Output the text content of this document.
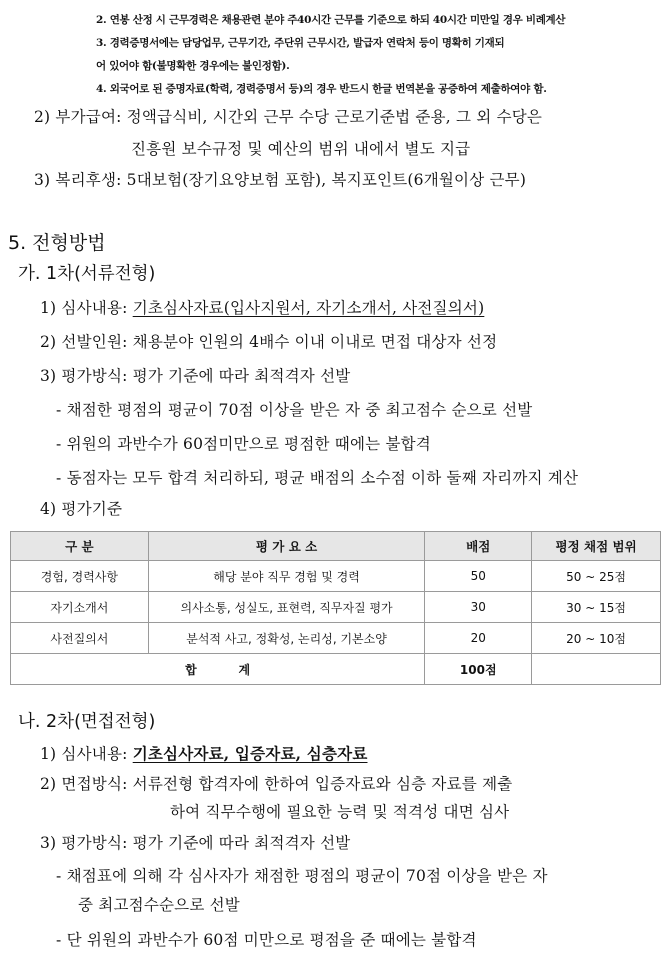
2. 연봉 산정 시 근무경력은 채용관련 분야 주40시간 근무를 기준으로 하되 40시간 미만일 경우 비례계산
3. 경력증명서에는 담당업무, 근무기간, 주단위 근무시간, 발급자 연락처 등이 명확히 기재되
어 있어야 함(불명확한 경우에는 불인정함).
4. 외국어로 된 증명자료(학력, 경력증명서 등)의 경우 반드시 한글 번역본을 공증하여 제출하여야 함.
2) 부가급여: 정액급식비, 시간외 근무 수당 근로기준법 준용, 그 외 수당은
진흥원 보수규정 및 예산의 범위 내에서 별도 지급
3) 복리후생: 5대보험(장기요양보험 포함), 복지포인트(6개월이상 근무)
5. 전형방법
가. 1차(서류전형)
1) 심사내용: 기초심사자료(입사지원서, 자기소개서, 사전질의서)
2) 선발인원: 채용분야 인원의 4배수 이내 이내로 면접 대상자 선정
3) 평가방식: 평가 기준에 따라 최적격자 선발
- 채점한 평점의 평균이 70점 이상을 받은 자 중 최고점수 순으로 선발
- 위원의 과반수가 60점미만으로 평점한 때에는 불합격
- 동점자는 모두 합격 처리하되, 평균 배점의 소수점 이하 둘째 자리까지 계산
4) 평가기준
구 분	평 가 요 소	배점	평정 채점 범위
경험, 경력사항	해당 분야 직무 경험 및 경력	50	50 ~ 25점
자기소개서	의사소통, 성실도, 표현력, 직무자질 평가	30	30 ~ 15점
사전질의서	분석적 사고, 정확성, 논리성, 기본소양	20	20 ~ 10점
합          계		100점	
나. 2차(면접전형)
1) 심사내용: 기초심사자료, 입증자료, 심층자료
2) 면접방식: 서류전형 합격자에 한하여 입증자료와 심층 자료를 제출
하여 직무수행에 필요한 능력 및 적격성 대면 심사
3) 평가방식: 평가 기준에 따라 최적격자 선발
- 채점표에 의해 각 심사자가 채점한 평점의 평균이 70점 이상을 받은 자
중 최고점수순으로 선발
- 단 위원의 과반수가 60점 미만으로 평점을 준 때에는 불합격
